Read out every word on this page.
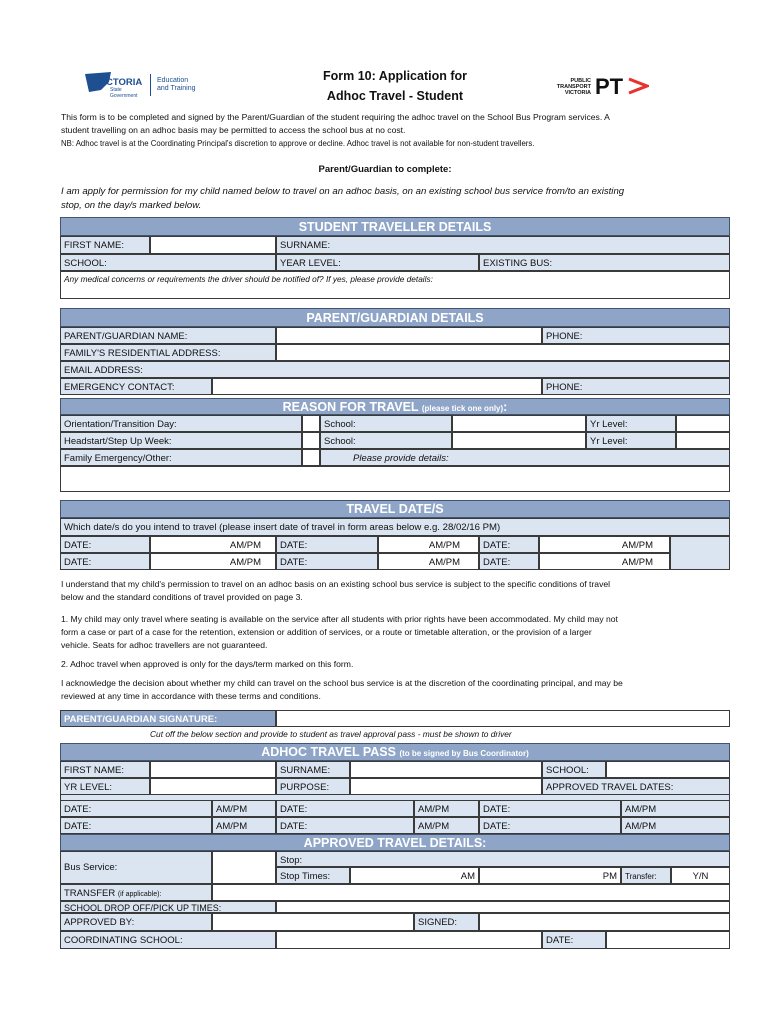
VICTORIA
State
Government
Education
and Training
Form 10: Application for
Adhoc Travel - Student
PUBLIC
TRANSPORT
VICTORIA PT
This form is to be completed and signed by the Parent/Guardian of the student requiring the adhoc travel on the School Bus Program services. A
student travelling on an adhoc basis may be permitted to access the school bus at no cost.
NB: Adhoc travel is at the Coordinating Principal's discretion to approve or decline. Adhoc travel is not available for non-student travellers.
Parent/Guardian to complete:
I am apply for permission for my child named below to travel on an adhoc basis, on an existing school bus service from/to an existing
stop, on the day/s marked below.
STUDENT TRAVELLER DETAILS
FIRST NAME:	SURNAME:
SCHOOL:	YEAR LEVEL:	EXISTING BUS:
Any medical concerns or requirements the driver should be notified of? If yes, please provide details:
PARENT/GUARDIAN DETAILS
PARENT/GUARDIAN NAME:	PHONE:
FAMILY'S RESIDENTIAL ADDRESS:
EMAIL ADDRESS:
EMERGENCY CONTACT:	PHONE:
REASON FOR TRAVEL (please tick one only):
Orientation/Transition Day:	School:	Yr Level:
Headstart/Step Up Week:	School:	Yr Level:
Family Emergency/Other:	Please provide details:
TRAVEL DATE/S
Which date/s do you intend to travel (please insert date of travel in form areas below e.g. 28/02/16 PM)
DATE:	AM/PM	DATE:	AM/PM	DATE:	AM/PM
DATE:	AM/PM	DATE:	AM/PM	DATE:	AM/PM
I understand that my child's permission to travel on an adhoc basis on an existing school bus service is subject to the specific conditions of travel
below and the standard conditions of travel provided on page 3.
1. My child may only travel where seating is available on the service after all students with prior rights have been accommodated. My child may not
form a case or part of a case for the retention, extension or addition of services, or a route or timetable alteration, or the provision of a larger
vehicle. Seats for adhoc travellers are not guaranteed.
2. Adhoc travel when approved is only for the days/term marked on this form.
I acknowledge the decision about whether my child can travel on the school bus service is at the discretion of the coordinating principal, and may be
reviewed at any time in accordance with these terms and conditions.
PARENT/GUARDIAN SIGNATURE:
Cut off the below section and provide to student as travel approval pass - must be shown to driver
ADHOC TRAVEL PASS (to be signed by Bus Coordinator)
FIRST NAME:	SURNAME:	SCHOOL:
YR LEVEL:	PURPOSE:	APPROVED TRAVEL DATES:
DATE:	AM/PM	DATE:	AM/PM	DATE:	AM/PM
DATE:	AM/PM	DATE:	AM/PM	DATE:	AM/PM
APPROVED TRAVEL DETAILS:
Bus Service:
Stop:
Stop Times:	AM	PM	Transfer:	Y/N
TRANSFER (if applicable):
SCHOOL DROP OFF/PICK UP TIMES:
APPROVED BY:	SIGNED:
COORDINATING SCHOOL:	DATE:
